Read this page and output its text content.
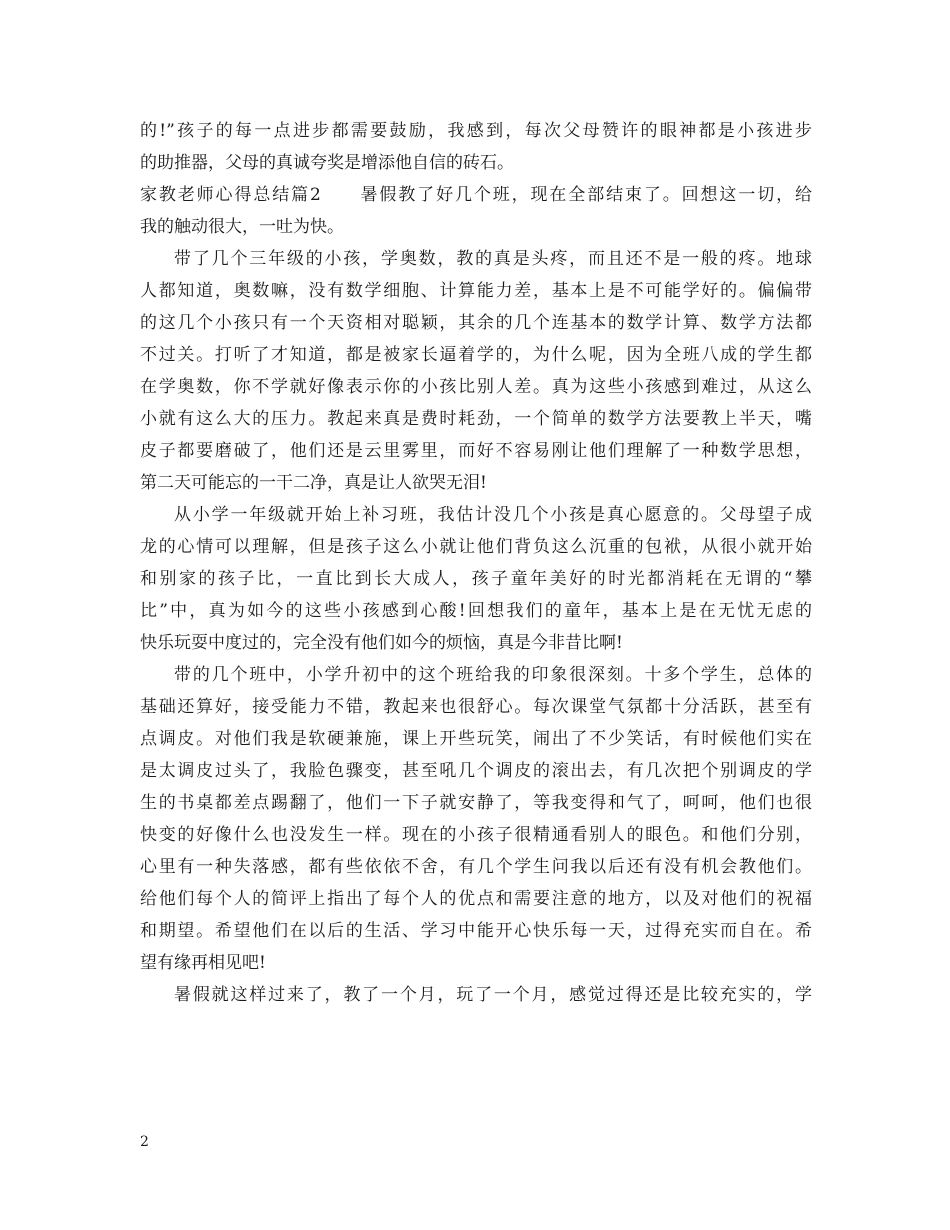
的!”孩子的每一点进步都需要鼓励，我感到，每次父母赞许的眼神都是小孩进步
的助推器，父母的真诚夸奖是增添他自信的砖石。
家教老师心得总结篇2　　暑假教了好几个班，现在全部结束了。回想这一切，给
我的触动很大，一吐为快。
带了几个三年级的小孩，学奥数，教的真是头疼，而且还不是一般的疼。地球
人都知道，奥数嘛，没有数学细胞、计算能力差，基本上是不可能学好的。偏偏带
的这几个小孩只有一个天资相对聪颖，其余的几个连基本的数学计算、数学方法都
不过关。打听了才知道，都是被家长逼着学的，为什么呢，因为全班八成的学生都
在学奥数，你不学就好像表示你的小孩比别人差。真为这些小孩感到难过，从这么
小就有这么大的压力。教起来真是费时耗劲，一个简单的数学方法要教上半天，嘴
皮子都要磨破了，他们还是云里雾里，而好不容易刚让他们理解了一种数学思想，
第二天可能忘的一干二净，真是让人欲哭无泪!
从小学一年级就开始上补习班，我估计没几个小孩是真心愿意的。父母望子成
龙的心情可以理解，但是孩子这么小就让他们背负这么沉重的包袱，从很小就开始
和别家的孩子比，一直比到长大成人，孩子童年美好的时光都消耗在无谓的“攀
比”中，真为如今的这些小孩感到心酸!回想我们的童年，基本上是在无忧无虑的
快乐玩耍中度过的，完全没有他们如今的烦恼，真是今非昔比啊!
带的几个班中，小学升初中的这个班给我的印象很深刻。十多个学生，总体的
基础还算好，接受能力不错，教起来也很舒心。每次课堂气氛都十分活跃，甚至有
点调皮。对他们我是软硬兼施，课上开些玩笑，闹出了不少笑话，有时候他们实在
是太调皮过头了，我脸色骤变，甚至吼几个调皮的滚出去，有几次把个别调皮的学
生的书桌都差点踢翻了，他们一下子就安静了，等我变得和气了，呵呵，他们也很
快变的好像什么也没发生一样。现在的小孩子很精通看别人的眼色。和他们分别，
心里有一种失落感，都有些依依不舍，有几个学生问我以后还有没有机会教他们。
给他们每个人的简评上指出了每个人的优点和需要注意的地方，以及对他们的祝福
和期望。希望他们在以后的生活、学习中能开心快乐每一天，过得充实而自在。希
望有缘再相见吧!
暑假就这样过来了，教了一个月，玩了一个月，感觉过得还是比较充实的，学
2
